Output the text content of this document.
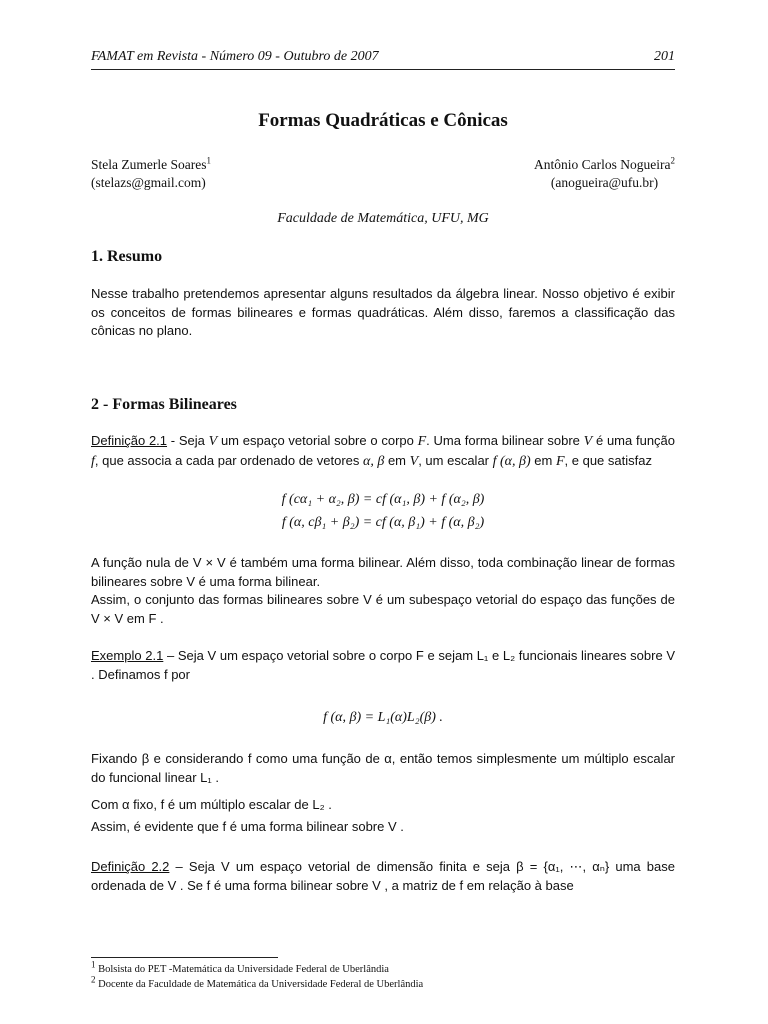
FAMAT em Revista - Número 09 - Outubro de 2007	201
Formas Quadráticas e Cônicas
Stela Zumerle Soares$^1$
(stelazs@gmail.com)
Antônio Carlos Nogueira$^2$
(anogueira@ufu.br)
Faculdade de Matemática, UFU, MG
1. Resumo

Nesse trabalho pretendemos apresentar alguns resultados da álgebra linear. Nosso objetivo é exibir os conceitos de formas bilineares e formas quadráticas. Além disso, faremos a classificação das cônicas no plano.

2 - Formas Bilineares

Definição 2.1 - Seja V um espaço vetorial sobre o corpo F. Uma forma bilinear sobre V é uma função f, que associa a cada par ordenado de vetores α, β em V, um escalar f (α, β) em F, e que satisfaz

f (cα₁ + α₂, β) = cf (α₁, β) + f (α₂, β)
f (α, cβ₁ + β₂) = cf (α, β₁) + f (α, β₂)

A função nula de V × V é também uma forma bilinear. Além disso, toda combinação linear de formas bilineares sobre V é uma forma bilinear.

Assim, o conjunto das formas bilineares sobre V é um subespaço vetorial do espaço das funções de V × V em F .

Exemplo 2.1 – Seja V um espaço vetorial sobre o corpo F e sejam L₁ e L₂ funcionais lineares sobre V . Definamos f por

f (α, β) = L₁(α)L₂(β) .

Fixando β e considerando f como uma função de α, então temos simplesmente um múltiplo escalar do funcional linear L₁ .

Com α fixo, f é um múltiplo escalar de L₂ .

Assim, é evidente que f é uma forma bilinear sobre V .

Definição 2.2 – Seja V um espaço vetorial de dimensão finita e seja β = {α₁, ⋯, αₙ} uma base ordenada de V . Se f é uma forma bilinear sobre V , a matriz de f em relação à base

$^1$ Bolsista do PET -Matemática da Universidade Federal de Uberlândia
$^2$ Docente da Faculdade de Matemática da Universidade Federal de Uberlândia
